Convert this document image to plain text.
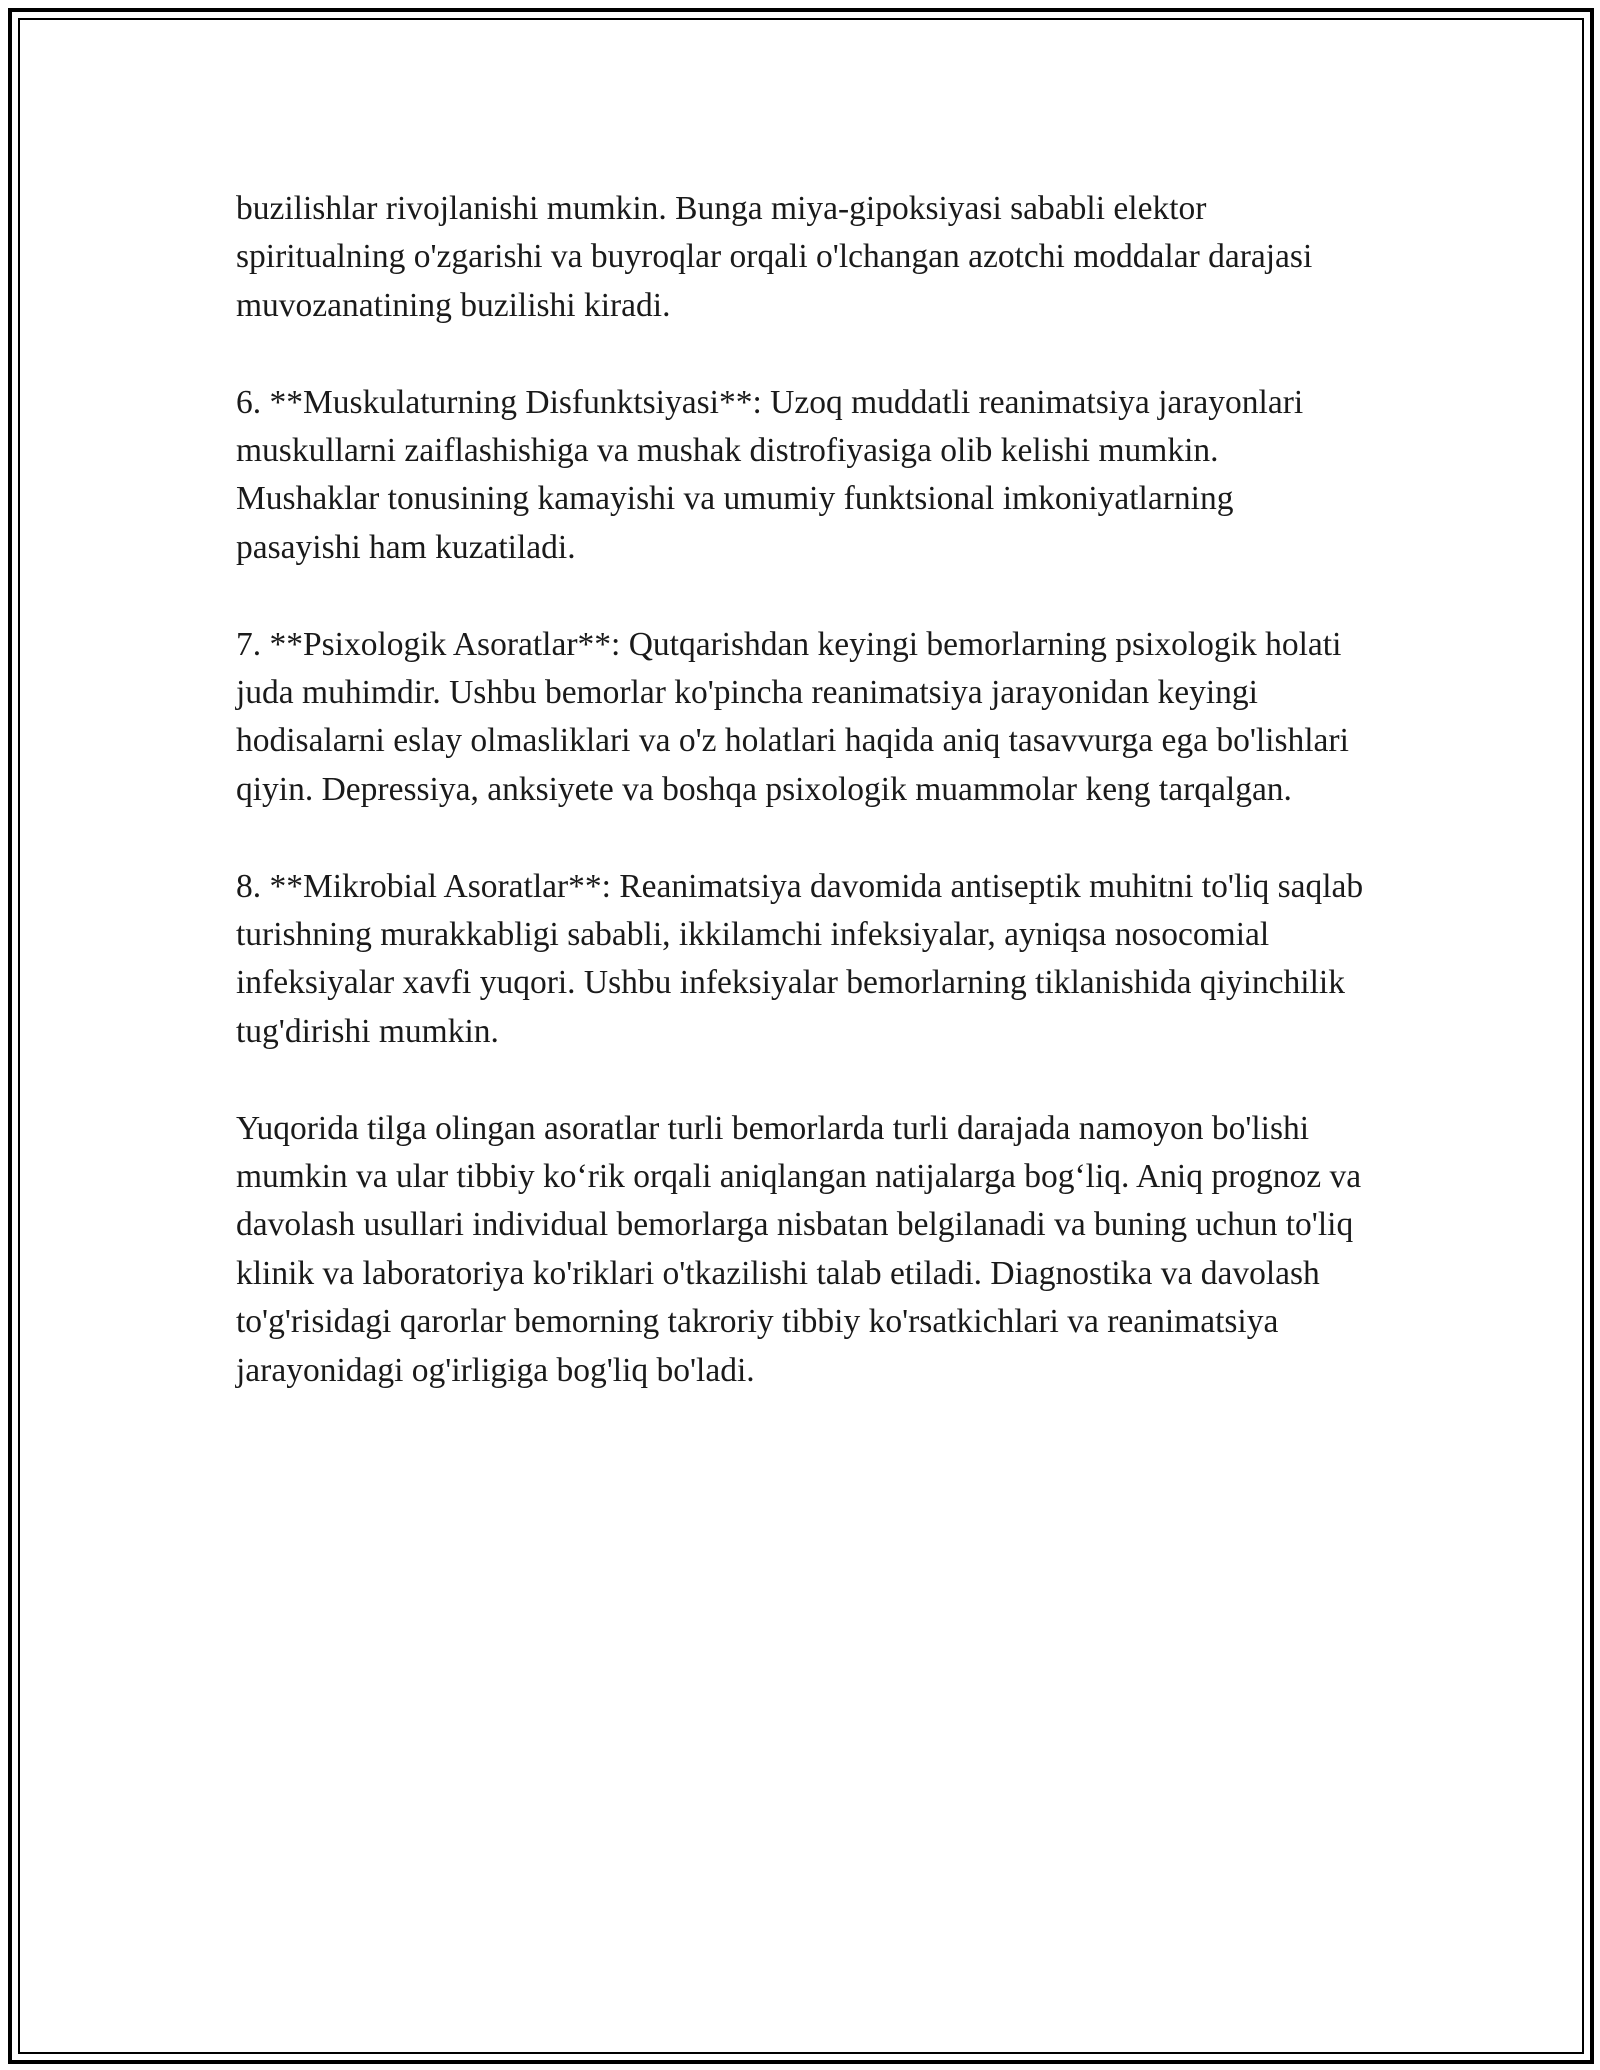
buzilishlar rivojlanishi mumkin. Bunga miya-gipoksiyasi sababli elektor spiritualning o'zgarishi va buyroqlar orqali o'lchangan azotchi moddalar darajasi muvozanatining buzilishi kiradi.

6. **Muskulaturning Disfunktsiyasi**: Uzoq muddatli reanimatsiya jarayonlari muskullarni zaiflashishiga va mushak distrofiyasiga olib kelishi mumkin. Mushaklar tonusining kamayishi va umumiy funktsional imkoniyatlarning pasayishi ham kuzatiladi.

7. **Psixologik Asoratlar**: Qutqarishdan keyingi bemorlarning psixologik holati juda muhimdir. Ushbu bemorlar ko'pincha reanimatsiya jarayonidan keyingi hodisalarni eslay olmasliklari va o'z holatlari haqida aniq tasavvurga ega bo'lishlari qiyin. Depressiya, anksiyete va boshqa psixologik muammolar keng tarqalgan.

8. **Mikrobial Asoratlar**: Reanimatsiya davomida antiseptik muhitni to'liq saqlab turishning murakkabligi sababli, ikkilamchi infeksiyalar, ayniqsa nosocomial infeksiyalar xavfi yuqori. Ushbu infeksiyalar bemorlarning tiklanishida qiyinchilik tug'dirishi mumkin.

Yuqorida tilga olingan asoratlar turli bemorlarda turli darajada namoyon bo'lishi mumkin va ular tibbiy ko‘rik orqali aniqlangan natijalarga bog‘liq. Aniq prognoz va davolash usullari individual bemorlarga nisbatan belgilanadi va buning uchun to'liq klinik va laboratoriya ko'riklari o'tkazilishi talab etiladi. Diagnostika va davolash to'g'risidagi qarorlar bemorning takroriy tibbiy ko'rsatkichlari va reanimatsiya jarayonidagi og'irligiga bog'liq bo'ladi.
